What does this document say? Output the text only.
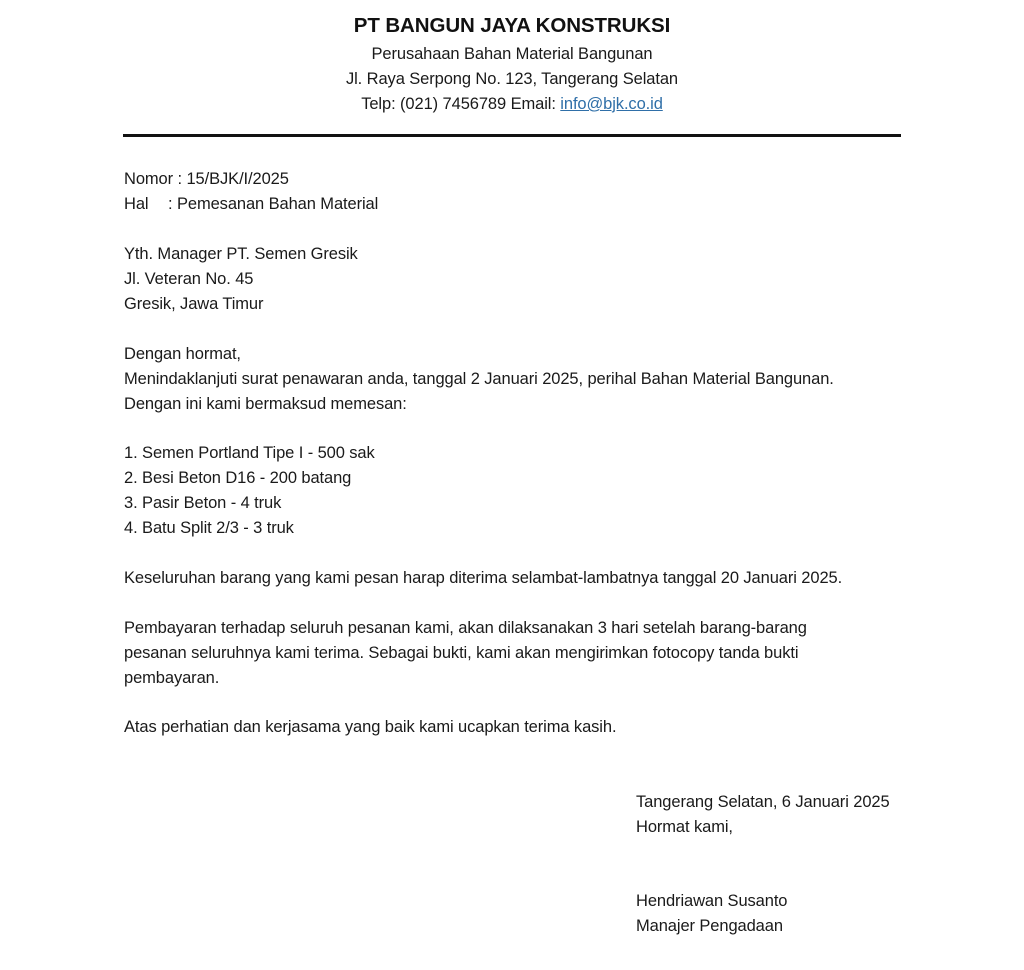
PT BANGUN JAYA KONSTRUKSI
Perusahaan Bahan Material Bangunan
Jl. Raya Serpong No. 123, Tangerang Selatan
Telp: (021) 7456789 Email: info@bjk.co.id
Nomor : 15/BJK/I/2025
Hal : Pemesanan Bahan Material
Yth. Manager PT. Semen Gresik
Jl. Veteran No. 45
Gresik, Jawa Timur
Dengan hormat,
Menindaklanjuti surat penawaran anda, tanggal 2 Januari 2025, perihal Bahan Material Bangunan.
Dengan ini kami bermaksud memesan:
1. Semen Portland Tipe I - 500 sak
2. Besi Beton D16 - 200 batang
3. Pasir Beton - 4 truk
4. Batu Split 2/3 - 3 truk
Keseluruhan barang yang kami pesan harap diterima selambat-lambatnya tanggal 20 Januari 2025.
Pembayaran terhadap seluruh pesanan kami, akan dilaksanakan 3 hari setelah barang-barang
pesanan seluruhnya kami terima. Sebagai bukti, kami akan mengirimkan fotocopy tanda bukti
pembayaran.
Atas perhatian dan kerjasama yang baik kami ucapkan terima kasih.
Tangerang Selatan, 6 Januari 2025
Hormat kami,
Hendriawan Susanto
Manajer Pengadaan
